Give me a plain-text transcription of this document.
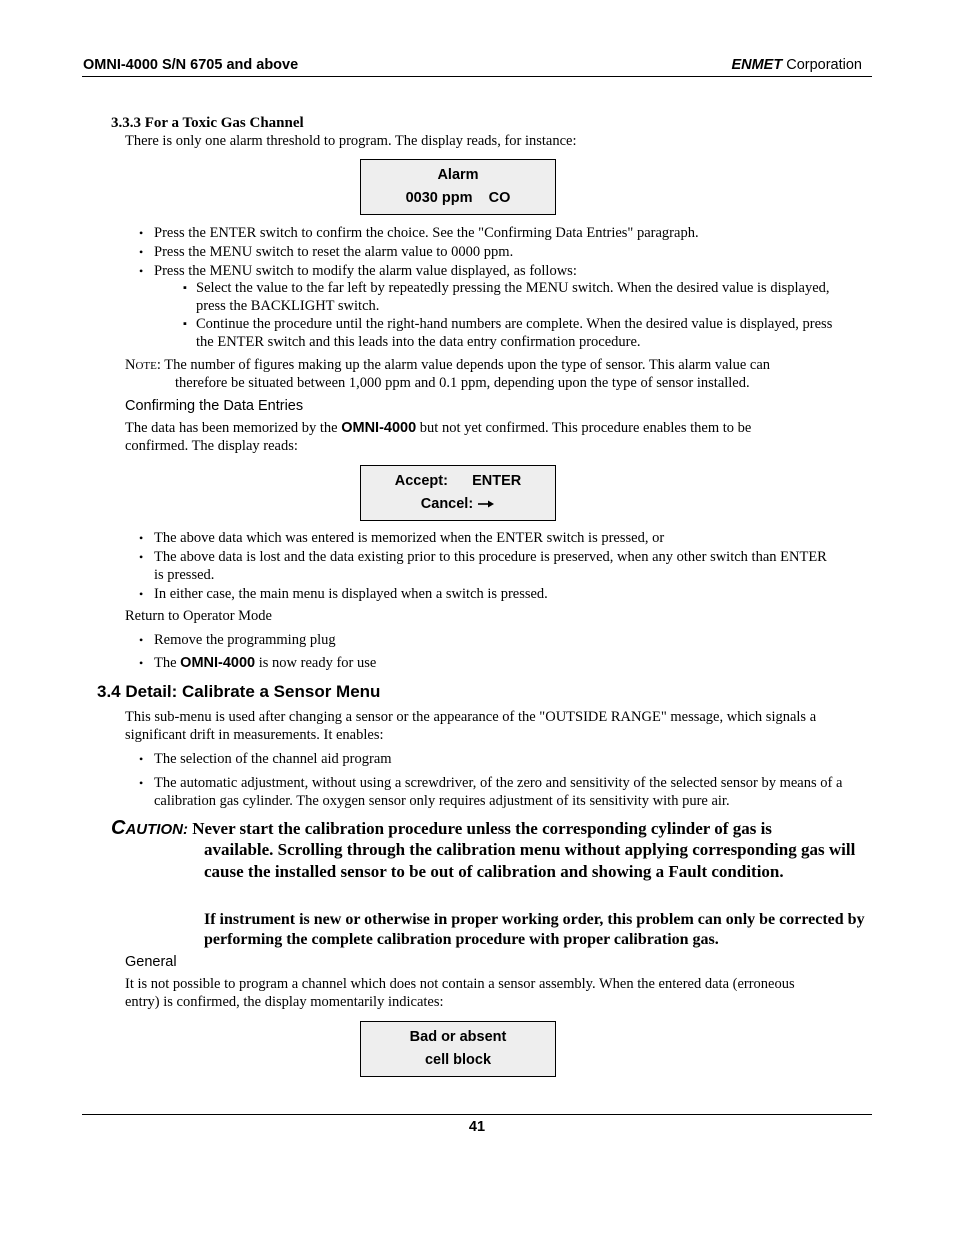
OMNI-4000 S/N 6705 and above	ENMET Corporation
3.3.3 For a Toxic Gas Channel
There is only one alarm threshold to program. The display reads, for instance:
Alarm
0030 ppm    CO
• Press the ENTER switch to confirm the choice. See the "Confirming Data Entries" paragraph.
• Press the MENU switch to reset the alarm value to 0000 ppm.
• Press the MENU switch to modify the alarm value displayed, as follows:
▪ Select the value to the far left by repeatedly pressing the MENU switch. When the desired value is displayed, press the BACKLIGHT switch.
▪ Continue the procedure until the right-hand numbers are complete. When the desired value is displayed, press the ENTER switch and this leads into the data entry confirmation procedure.
NOTE: The number of figures making up the alarm value depends upon the type of sensor. This alarm value can
therefore be situated between 1,000 ppm and 0.1 ppm, depending upon the type of sensor installed.
Confirming the Data Entries
The data has been memorized by the OMNI-4000 but not yet confirmed. This procedure enables them to be
confirmed. The display reads:
Accept:      ENTER
Cancel:
• The above data which was entered is memorized when the ENTER switch is pressed, or
• The above data is lost and the data existing prior to this procedure is preserved, when any other switch than ENTER is pressed.
• In either case, the main menu is displayed when a switch is pressed.
Return to Operator Mode
• Remove the programming plug
• The OMNI-4000 is now ready for use
3.4 Detail: Calibrate a Sensor Menu
This sub-menu is used after changing a sensor or the appearance of the "OUTSIDE RANGE" message, which signals a
significant drift in measurements. It enables:
• The selection of the channel aid program
• The automatic adjustment, without using a screwdriver, of the zero and sensitivity of the selected sensor by means of a calibration gas cylinder. The oxygen sensor only requires adjustment of its sensitivity with pure air.
CAUTION: Never start the calibration procedure unless the corresponding cylinder of gas is
available. Scrolling through the calibration menu without applying corresponding gas will cause the installed sensor to be out of calibration and showing a Fault condition.
If instrument is new or otherwise in proper working order, this problem can only be corrected by performing the complete calibration procedure with proper calibration gas.
General
It is not possible to program a channel which does not contain a sensor assembly. When the entered data (erroneous
entry) is confirmed, the display momentarily indicates:
Bad or absent
cell block
41
